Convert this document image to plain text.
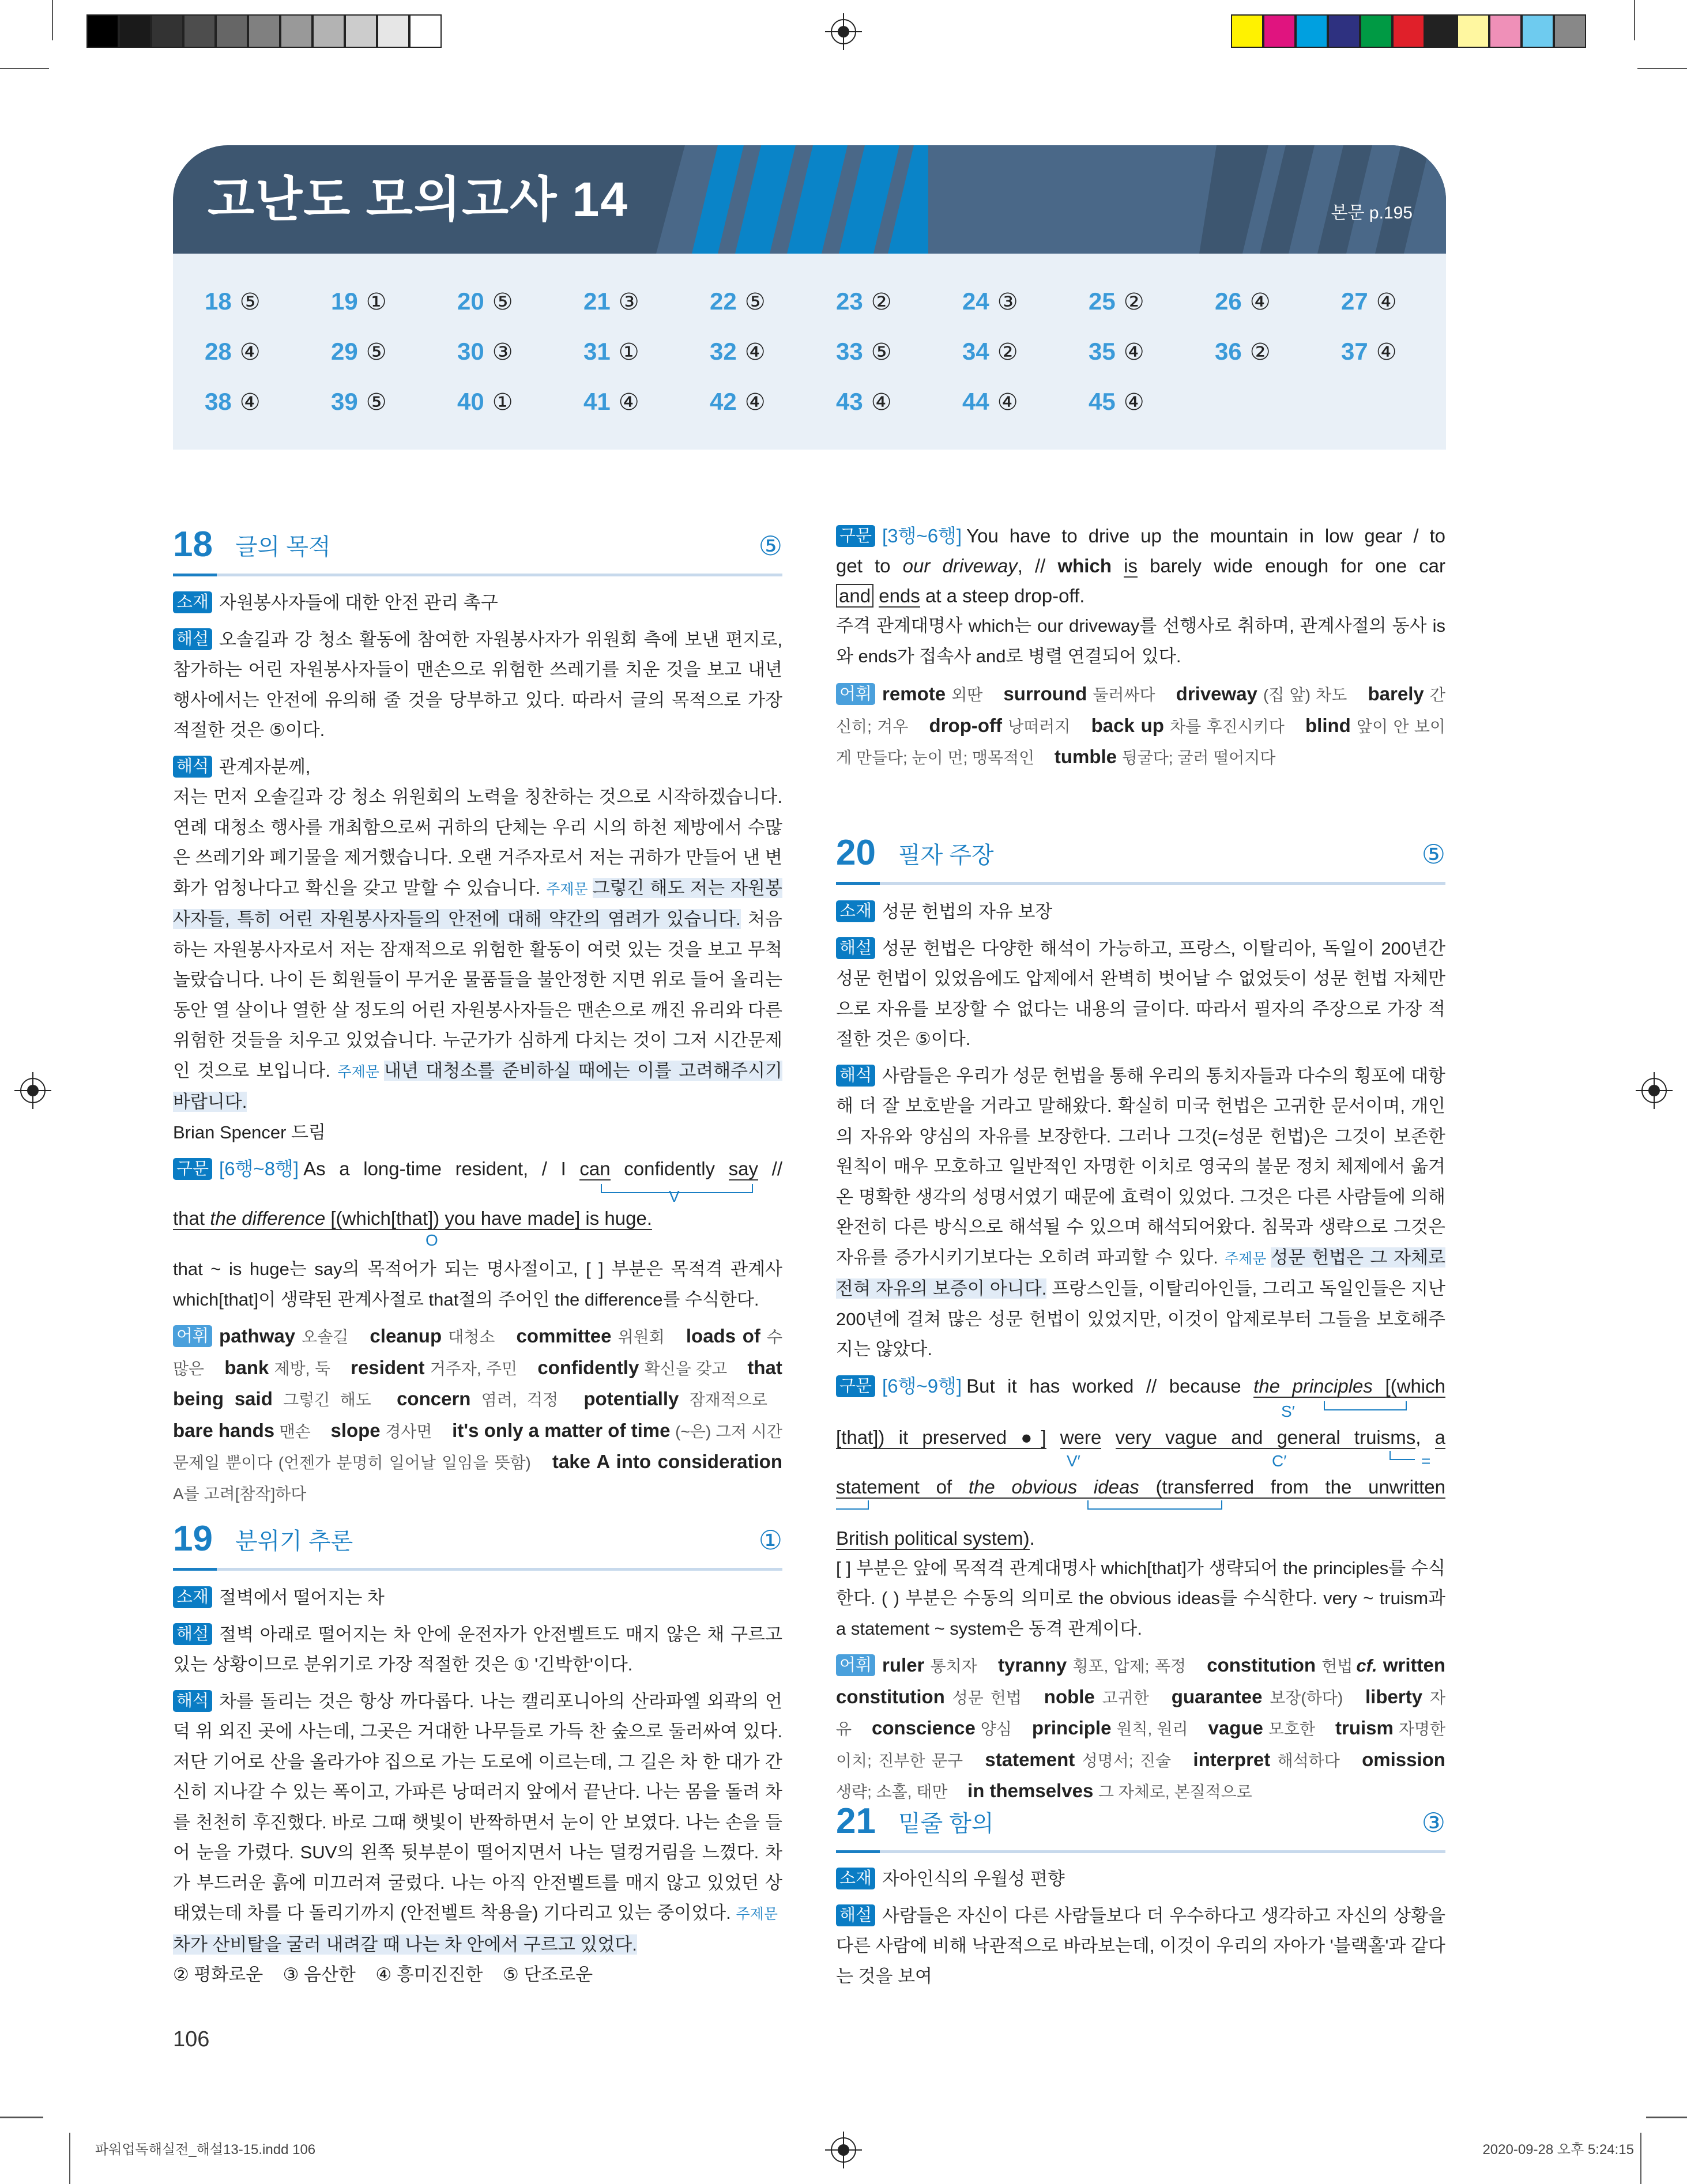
고난도 모의고사 14	본문 p.195
18 ⑤	19 ①	20 ⑤	21 ③	22 ⑤	23 ②	24 ③	25 ②	26 ④	27 ④
28 ④	29 ⑤	30 ③	31 ①	32 ④	33 ⑤	34 ②	35 ④	36 ②	37 ④
38 ④	39 ⑤	40 ①	41 ④	42 ④	43 ④	44 ④	45 ④
18 글의 목적	⑤
소재 자원봉사자들에 대한 안전 관리 촉구
해설 오솔길과 강 청소 활동에 참여한 자원봉사자가 위원회 측에 보낸 편지로, 참가하는 어린 자원봉사자들이 맨손으로 위험한 쓰레기를 치운 것을 보고 내년 행사에서는 안전에 유의해 줄 것을 당부하고 있다. 따라서 글의 목적으로 가장 적절한 것은 ⑤이다.
해석 관계자분께,
저는 먼저 오솔길과 강 청소 위원회의 노력을 칭찬하는 것으로 시작하겠습니다. 연례 대청소 행사를 개최함으로써 귀하의 단체는 우리 시의 하천 제방에서 수많은 쓰레기와 폐기물을 제거했습니다. 오랜 거주자로서 저는 귀하가 만들어 낸 변화가 엄청나다고 확신을 갖고 말할 수 있습니다. 주제문 그렇긴 해도 저는 자원봉사자들, 특히 어린 자원봉사자들의 안전에 대해 약간의 염려가 있습니다. 처음 하는 자원봉사자로서 저는 잠재적으로 위험한 활동이 여럿 있는 것을 보고 무척 놀랐습니다. 나이 든 회원들이 무거운 물품들을 불안정한 지면 위로 들어 올리는 동안 열 살이나 열한 살 정도의 어린 자원봉사자들은 맨손으로 깨진 유리와 다른 위험한 것들을 치우고 있었습니다. 누군가가 심하게 다치는 것이 그저 시간문제인 것으로 보입니다. 주제문 내년 대청소를 준비하실 때에는 이를 고려해주시기 바랍니다.
Brian Spencer 드림
구문 [6행~8행] As a long-time resident, / I can confidently say //
V
that the difference [(which[that]) you have made] is huge.
O
that ~ is huge는 say의 목적어가 되는 명사절이고, [ ] 부분은 목적격 관계사 which[that]이 생략된 관계사절로 that절의 주어인 the difference를 수식한다.
어휘 pathway 오솔길 cleanup 대청소 committee 위원회 loads of 수많은 bank 제방, 둑 resident 거주자, 주민 confidently 확신을 갖고 that being said 그렇긴 해도 concern 염려, 걱정 potentially 잠재적으로 bare hands 맨손 slope 경사면 it's only a matter of time (~은) 그저 시간문제일 뿐이다 (언젠가 분명히 일어날 일임을 뜻함) take A into consideration A를 고려[참작]하다
19 분위기 추론	①
소재 절벽에서 떨어지는 차
해설 절벽 아래로 떨어지는 차 안에 운전자가 안전벨트도 매지 않은 채 구르고 있는 상황이므로 분위기로 가장 적절한 것은 ① '긴박한'이다.
해석 차를 돌리는 것은 항상 까다롭다. 나는 캘리포니아의 산라파엘 외곽의 언덕 위 외진 곳에 사는데, 그곳은 거대한 나무들로 가득 찬 숲으로 둘러싸여 있다. 저단 기어로 산을 올라가야 집으로 가는 도로에 이르는데, 그 길은 차 한 대가 간신히 지나갈 수 있는 폭이고, 가파른 낭떠러지 앞에서 끝난다. 나는 몸을 돌려 차를 천천히 후진했다. 바로 그때 햇빛이 반짝하면서 눈이 안 보였다. 나는 손을 들어 눈을 가렸다. SUV의 왼쪽 뒷부분이 떨어지면서 나는 덜컹거림을 느꼈다. 차가 부드러운 흙에 미끄러져 굴렀다. 나는 아직 안전벨트를 매지 않고 있었던 상태였는데 차를 다 돌리기까지 (안전벨트 착용을) 기다리고 있는 중이었다. 주제문차가 산비탈을 굴러 내려갈 때 나는 차 안에서 구르고 있었다.
② 평화로운 ③ 음산한 ④ 흥미진진한 ⑤ 단조로운
구문 [3행~6행] You have to drive up the mountain in low gear / to
get to our driveway, // which is barely wide enough for one car
and ends at a steep drop-off.
주격 관계대명사 which는 our driveway를 선행사로 취하며, 관계사절의 동사 is와 ends가 접속사 and로 병렬 연결되어 있다.
어휘 remote 외딴 surround 둘러싸다 driveway (집 앞) 차도 barely 간신히; 겨우 drop-off 낭떠러지 back up 차를 후진시키다 blind 앞이 안 보이게 만들다; 눈이 먼; 맹목적인 tumble 뒹굴다; 굴러 떨어지다
20 필자 주장	⑤
소재 성문 헌법의 자유 보장
해설 성문 헌법은 다양한 해석이 가능하고, 프랑스, 이탈리아, 독일이 200년간 성문 헌법이 있었음에도 압제에서 완벽히 벗어날 수 없었듯이 성문 헌법 자체만으로 자유를 보장할 수 없다는 내용의 글이다. 따라서 필자의 주장으로 가장 적절한 것은 ⑤이다.
해석 사람들은 우리가 성문 헌법을 통해 우리의 통치자들과 다수의 횡포에 대항해 더 잘 보호받을 거라고 말해왔다. 확실히 미국 헌법은 고귀한 문서이며, 개인의 자유와 양심의 자유를 보장한다. 그러나 그것(=성문 헌법)은 그것이 보존한 원칙이 매우 모호하고 일반적인 자명한 이치로 영국의 불문 정치 체제에서 옮겨온 명확한 생각의 성명서였기 때문에 효력이 있었다. 그것은 다른 사람들에 의해 완전히 다른 방식으로 해석될 수 있으며 해석되어왔다. 침묵과 생략으로 그것은 자유를 증가시키기보다는 오히려 파괴할 수 있다. 주제문 성문 헌법은 그 자체로 전혀 자유의 보증이 아니다. 프랑스인들, 이탈리아인들, 그리고 독일인들은 지난 200년에 걸쳐 많은 성문 헌법이 있었지만, 이것이 압제로부터 그들을 보호해주지는 않았다.
구문 [6행~9행] But it has worked // because the principles [(which
S′
[that]) it preserved ●] were very vague and general truisms, a
V′	C′	=
statement of the obvious ideas (transferred from the unwritten
British political system).
[ ] 부분은 앞에 목적격 관계대명사 which[that]가 생략되어 the principles를 수식한다. ( ) 부분은 수동의 의미로 the obvious ideas를 수식한다. very ~ truism과 a statement ~ system은 동격 관계이다.
어휘 ruler 통치자 tyranny 횡포, 압제; 폭정 constitution 헌법 cf. written constitution 성문 헌법 noble 고귀한 guarantee 보장(하다) liberty 자유 conscience 양심 principle 원칙, 원리 vague 모호한 truism 자명한 이치; 진부한 문구 statement 성명서; 진술 interpret 해석하다 omission 생략; 소홀, 태만 in themselves 그 자체로, 본질적으로
21 밑줄 함의	③
소재 자아인식의 우월성 편향
해설 사람들은 자신이 다른 사람들보다 더 우수하다고 생각하고 자신의 상황을 다른 사람에 비해 낙관적으로 바라보는데, 이것이 우리의 자아가 '블랙홀'과 같다는 것을 보여
106
파워업독해실전_해설13-15.indd 106	2020-09-28 오후 5:24:15
